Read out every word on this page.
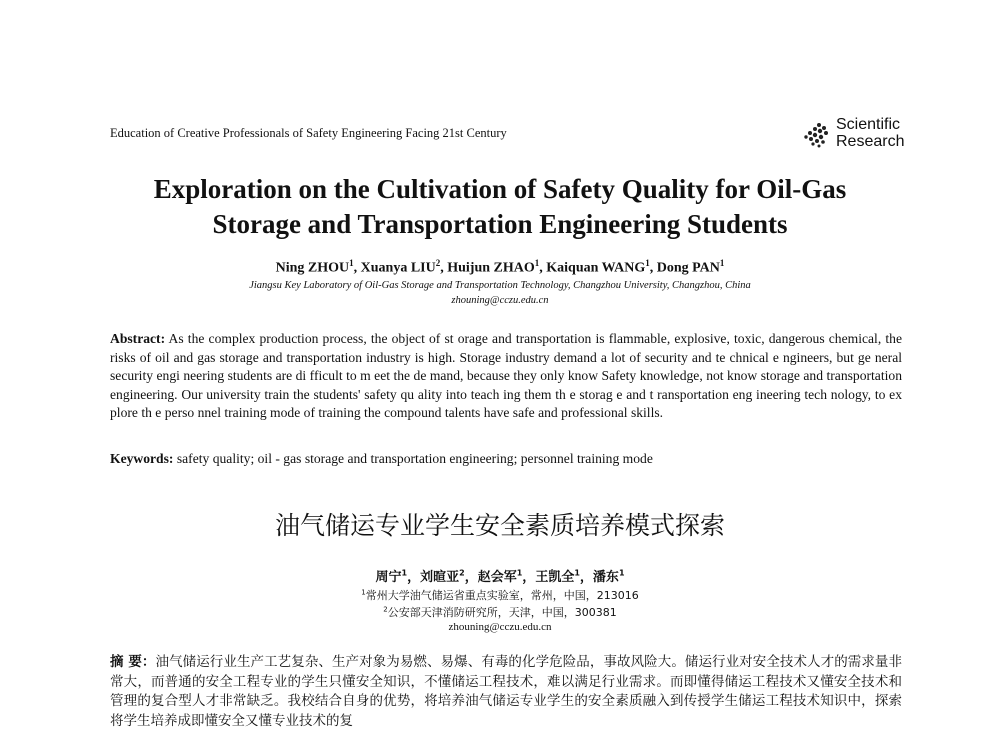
Education of Creative Professionals of Safety Engineering Facing 21st Century	Scientific
Research
Exploration on the Cultivation of Safety Quality for Oil-Gas
Storage and Transportation Engineering Students
Ning ZHOU$^1$, Xuanya LIU$^2$, Huijun ZHAO$^1$, Kaiquan WANG$^1$, Dong PAN$^1$
Jiangsu Key Laboratory of Oil-Gas Storage and Transportation Technology, Changzhou University, Changzhou, China
zhouning@cczu.edu.cn
Abstract: As the complex production process, the object of st orage and transportation is flammable, explosive, toxic, dangerous chemical, the risks of oil and gas storage and transportation industry is high. Storage industry demand a lot of security and te chnical e ngineers, but ge neral security engi neering students are di fficult to m eet the de mand, because they only know Safety knowledge, not know storage and transportation engineering. Our university train the students' safety qu ality into teach ing them th e storag e and t ransportation eng ineering tech nology, to ex plore th e perso nnel training mode of training the compound talents have safe and professional skills.
Keywords: safety quality; oil - gas storage and transportation engineering; personnel training mode
油气储运专业学生安全素质培养模式探索
周宁$^1$，刘暄亚$^2$，赵会军$^1$，王凯全$^1$，潘东$^1$
$^1$常州大学油气储运省重点实验室，常州，中国，213016
$^2$公安部天津消防研究所，天津，中国，300381
zhouning@cczu.edu.cn
摘 要：油气储运行业生产工艺复杂、生产对象为易燃、易爆、有毒的化学危险品，事故风险大。储运行业对安全技术人才的需求量非常大，而普通的安全工程专业的学生只懂安全知识，不懂储运工程技术，难以满足行业需求。而即懂得储运工程技术又懂安全技术和管理的复合型人才非常缺乏。我校结合自身的优势，将培养油气储运专业学生的安全素质融入到传授学生储运工程技术知识中，探索将学生培养成即懂安全又懂专业技术的复
